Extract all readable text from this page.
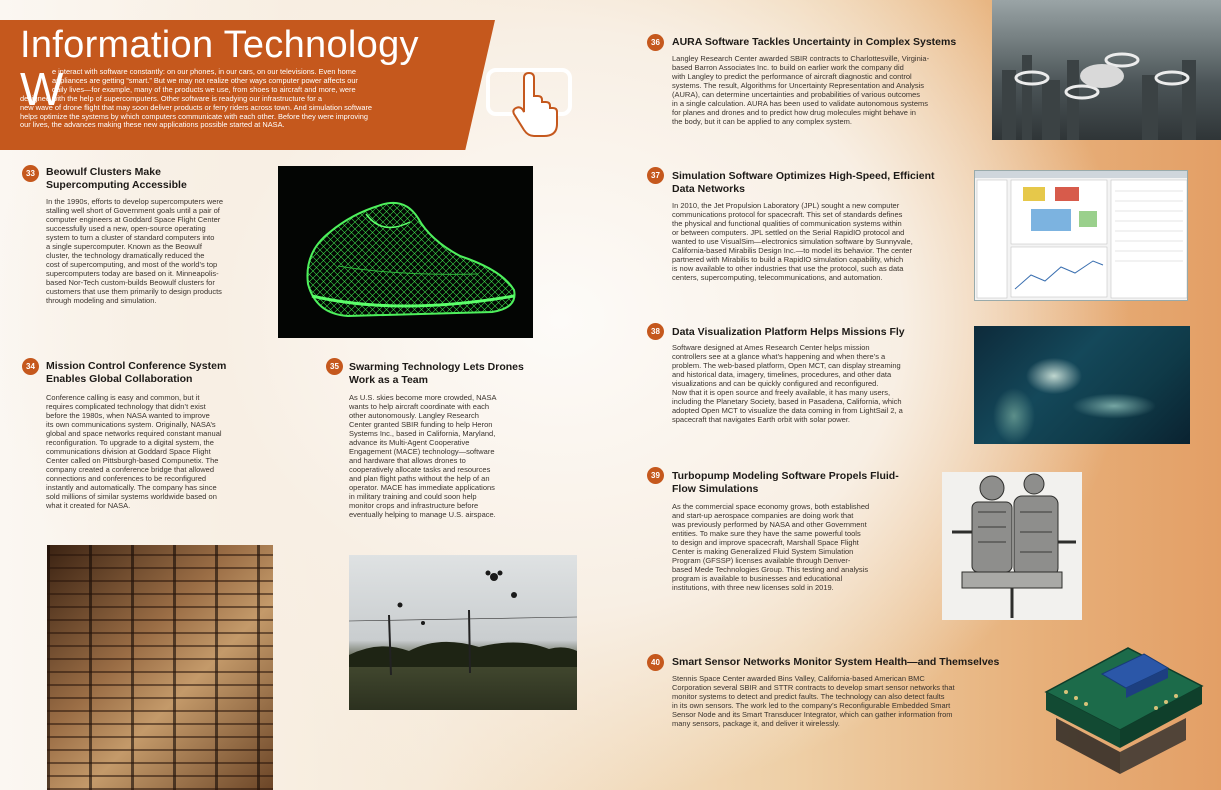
Information Technology
W
e interact with software constantly: on our phones, in our cars, on our televisions. Even home
appliances are getting “smart.” But we may not realize other ways computer power affects our
daily lives—for example, many of the products we use, from shoes to aircraft and more, were
designed with the help of supercomputers. Other software is readying our infrastructure for a
new wave of drone flight that may soon deliver products or ferry riders across town. And simulation software
helps optimize the systems by which computers communicate with each other. Before they were improving
our lives, the advances making these new applications possible started at NASA.
33	Beowulf Clusters Make
Supercomputing Accessible
In the 1990s, efforts to develop supercomputers were
stalling well short of Government goals until a pair of
computer engineers at Goddard Space Flight Center
successfully used a new, open-source operating
system to turn a cluster of standard computers into
a single supercomputer. Known as the Beowulf
cluster, the technology dramatically reduced the
cost of supercomputing, and most of the world’s top
supercomputers today are based on it. Minneapolis-
based Nor-Tech custom-builds Beowulf clusters for
customers that use them primarily to design products
through modeling and simulation.
34	Mission Control Conference System
Enables Global Collaboration
Conference calling is easy and common, but it
requires complicated technology that didn’t exist
before the 1980s, when NASA wanted to improve
its own communications system. Originally, NASA’s
global and space networks required constant manual
reconfiguration. To upgrade to a digital system, the
communications division at Goddard Space Flight
Center called on Pittsburgh-based Compunetix. The
company created a conference bridge that allowed
connections and conferences to be reconfigured
instantly and automatically. The company has since
sold millions of similar systems worldwide based on
what it created for NASA.
35 Swarming Technology Lets Drones
Work as a Team
As U.S. skies become more crowded, NASA
wants to help aircraft coordinate with each
other autonomously. Langley Research
Center granted SBIR funding to help Heron
Systems Inc., based in California, Maryland,
advance its Multi-Agent Cooperative
Engagement (MACE) technology—software
and hardware that allows drones to
cooperatively allocate tasks and resources
and plan flight paths without the help of an
operator. MACE has immediate applications
in military training and could soon help
monitor crops and infrastructure before
eventually helping to manage U.S. airspace.
36	AURA Software Tackles Uncertainty in Complex Systems
Langley Research Center awarded SBIR contracts to Charlottesville, Virginia-
based Barron Associates Inc. to build on earlier work the company did
with Langley to predict the performance of aircraft diagnostic and control
systems. The result, Algorithms for Uncertainty Representation and Analysis
(AURA), can determine uncertainties and probabilities of various outcomes
in a single calculation. AURA has been used to validate autonomous systems
for planes and drones and to predict how drug molecules might behave in
the body, but it can be applied to any complex system.
37	Simulation Software Optimizes High-Speed, Efficient
Data Networks
In 2010, the Jet Propulsion Laboratory (JPL) sought a new computer
communications protocol for spacecraft. This set of standards defines
the physical and functional qualities of communication systems within
or between computers. JPL settled on the Serial RapidIO protocol and
wanted to use VisualSim—electronics simulation software by Sunnyvale,
California-based Mirabilis Design Inc.—to model its behavior. The center
partnered with Mirabilis to build a RapidIO simulation capability, which
is now available to other industries that use the protocol, such as data
centers, supercomputing, telecommunications, and automation.
38	Data Visualization Platform Helps Missions Fly
Software designed at Ames Research Center helps mission
controllers see at a glance what’s happening and when there’s a
problem. The web-based platform, Open MCT, can display streaming
and historical data, imagery, timelines, procedures, and other data
visualizations and can be quickly configured and reconfigured.
Now that it is open source and freely available, it has many users,
including the Planetary Society, based in Pasadena, California, which
adopted Open MCT to visualize the data coming in from LightSail 2, a
spacecraft that navigates Earth orbit with solar power.
39	Turbopump Modeling Software Propels Fluid-
Flow Simulations
As the commercial space economy grows, both established
and start-up aerospace companies are doing work that
was previously performed by NASA and other Government
entities. To make sure they have the same powerful tools
to design and improve spacecraft, Marshall Space Flight
Center is making Generalized Fluid System Simulation
Program (GFSSP) licenses available through Denver-
based Mede Technologies Group. This testing and analysis
program is available to businesses and educational
institutions, with three new licenses sold in 2019.
40	Smart Sensor Networks Monitor System Health—and Themselves
Stennis Space Center awarded Bins Valley, California-based American BMC
Corporation several SBIR and STTR contracts to develop smart sensor networks that
monitor systems to detect and predict faults. The technology can also detect faults
in its own sensors. The work led to the company’s Reconfigurable Embedded Smart
Sensor Node and its Smart Transducer Integrator, which can gather information from
many sensors, package it, and deliver it wirelessly.
